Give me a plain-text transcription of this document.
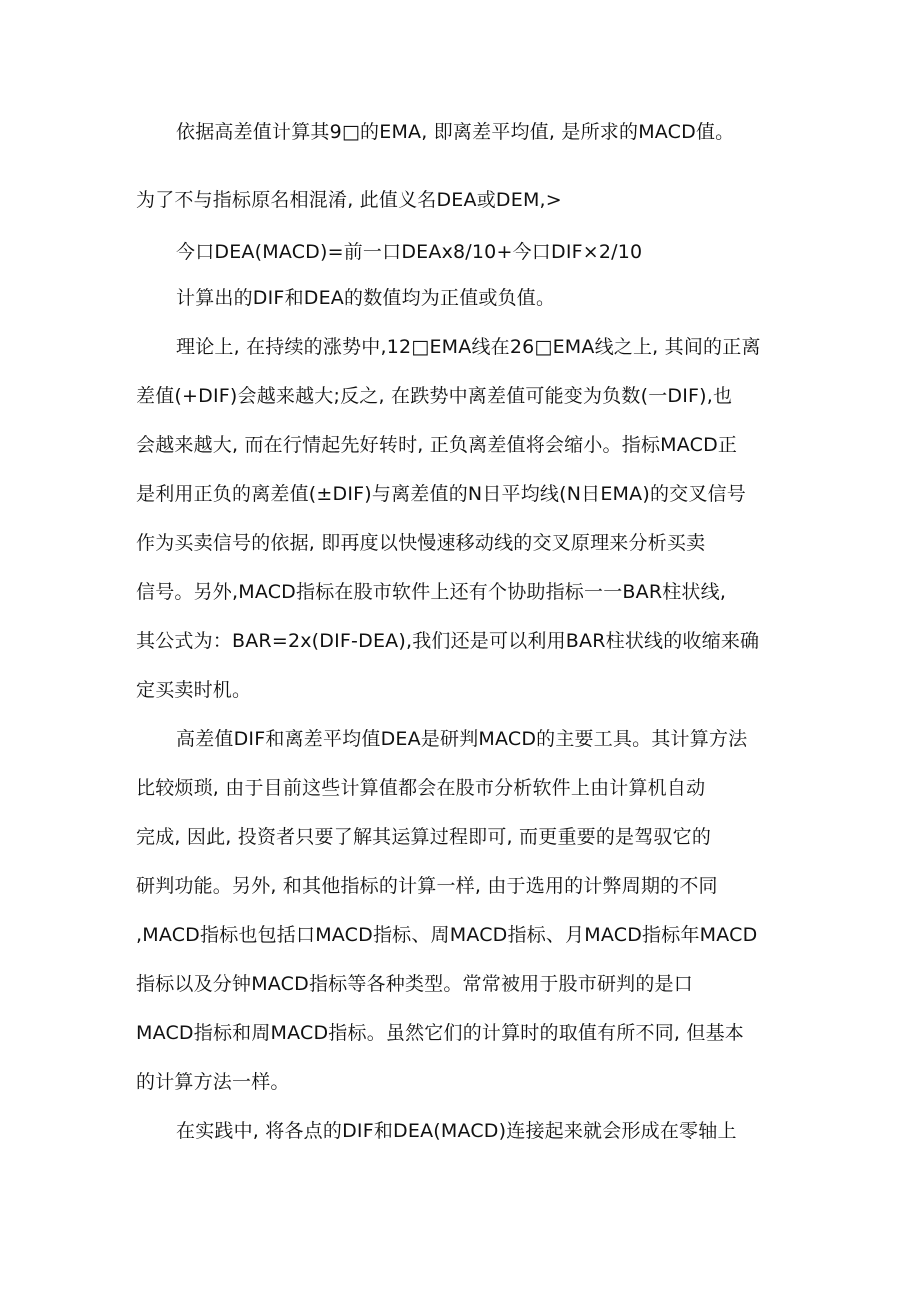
依据高差值计算其9□的EMA, 即离差平均值, 是所求的MACD值。
为了不与指标原名相混淆, 此值义名DEA或DEM,>
今口DEA(MACD)=前一口DEAx8∕10+今口DIF×2∕10
计算出的DIF和DEA的数值均为正值或负值。
理论上, 在持续的涨势中,12□EMA线在26□EMA线之上, 其间的正离
差值(+DIF)会越来越大;反之, 在跌势中离差值可能变为负数(一DIF),也
会越来越大, 而在行情起先好转时, 正负离差值将会缩小。指标MACD正
是利用正负的离差值(±DIF)与离差值的N日平均线(N日EMA)的交叉信号
作为买卖信号的依据, 即再度以快慢速移动线的交叉原理来分析买卖
信号。另外,MACD指标在股市软件上还有个协助指标一一BAR柱状线,
其公式为：BAR=2x(DIF-DEA),我们还是可以利用BAR柱状线的收缩来确
定买卖时机。
高差值DIF和离差平均值DEA是研判MACD的主要工具。其计算方法
比较烦琐, 由于目前这些计算值都会在股市分析软件上由计算机自动
完成, 因此, 投资者只要了解其运算过程即可, 而更重要的是驾驭它的
研判功能。另外, 和其他指标的计算一样, 由于选用的计弊周期的不同
,MACD指标也包括口MACD指标、周MACD指标、月MACD指标年MACD
指标以及分钟MACD指标等各种类型。常常被用于股市研判的是口
MACD指标和周MACD指标。虽然它们的计算时的取值有所不同, 但基本
的计算方法一样。
在实践中, 将各点的DIF和DEA(MACD)连接起来就会形成在零轴上
